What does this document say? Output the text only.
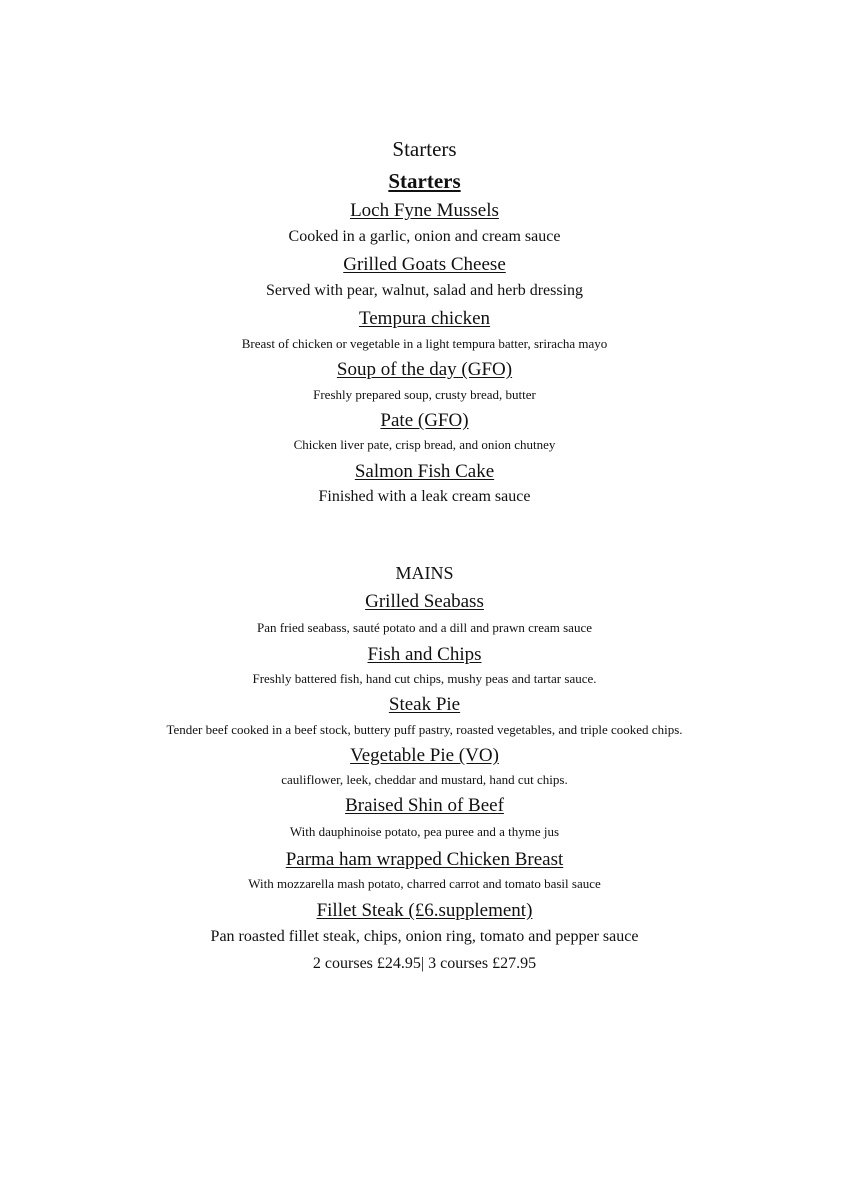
Starters
Starters
Loch Fyne Mussels
Cooked in a garlic, onion and cream sauce
Grilled Goats Cheese
Served with pear, walnut, salad and herb dressing
Tempura chicken
Breast of chicken or vegetable in a light tempura batter, sriracha mayo
Soup of the day (GFO)
Freshly prepared soup, crusty bread, butter
Pate (GFO)
Chicken liver pate, crisp bread, and onion chutney
Salmon Fish Cake
Finished with a leak cream sauce
MAINS
Grilled Seabass
Pan fried seabass, sauté potato and a dill and prawn cream sauce
Fish and Chips
Freshly battered fish, hand cut chips, mushy peas and tartar sauce.
Steak Pie
Tender beef cooked in a beef stock, buttery puff pastry, roasted vegetables, and triple cooked chips.
Vegetable Pie (VO)
cauliflower, leek, cheddar and mustard, hand cut chips.
Braised Shin of Beef
With dauphinoise potato, pea puree and a thyme jus
Parma ham wrapped Chicken Breast
With mozzarella mash potato, charred carrot and tomato basil sauce
Fillet Steak (£6.supplement)
Pan roasted fillet steak, chips, onion ring, tomato and pepper sauce
2 courses £24.95| 3 courses £27.95
